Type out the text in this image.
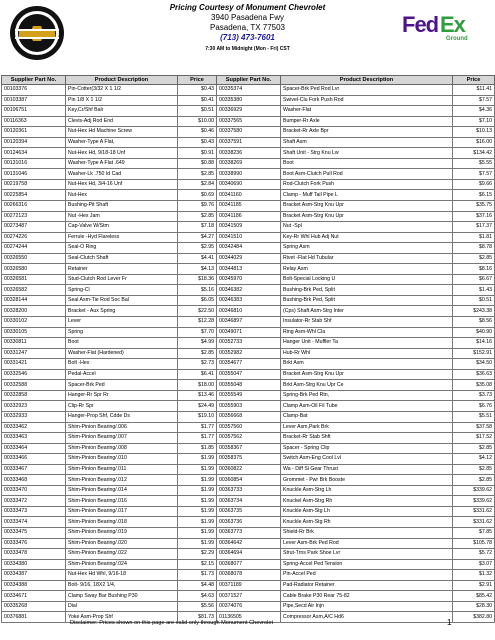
Pricing Courtesy of Monument Chevrolet
3940 Pasadena Fwy
Pasadena, TX 77503
(713) 473-7601
7:30 AM to Midnight (Mon - Fri) CST
Fed Ex
Ground
Supplier Part No.	Product Description	Price	Supplier Part No.	Product Description	Price
00103376	Pin-Cotter(3/32 X 1 1/2	$0.43	00335374	Spacer-Brk Ped Rod Lvr	$11.41
00103387	Pin 1/8 X 1 1/2	$0.41	00335380	Swivel-Clu Fork Push Rod	$7.57
00106751	Key,Cr/Shf Balr	$0.51	00336929	Washer-Flat	$4.36
00116363	Clevis-Adj Rod End	$10.00	00337565	Bumper-Rr Axle	$7.10
00120361	Nut-Hex Hd Machine Screw	$0.46	00337580	Bracket-Rr Axle Bpr	$10.13
00120394	Washer-Type A Flat,	$0.43	00337591	Shaft Asm	$16.00
00124634	Nut-Hex Hd, 9/18-18 Unf	$0.91	00338236	Shaft Unit - Strg Knu Lw	$134.42
00131016	Washer-Type A Flat .649	$0.88	00338269	Boot	$5.55
00131046	Washer-Lk .750 Id Cad	$2.85	00338990	Boot Asm-Clutch Pull Rod	$7.57
00219758	Nut-Hex Hd, 3/4-16 Unf	$2.84	00340690	Rod-Clutch Fork Push	$9.66
00225854	Nut-Hex	$0.69	00341160	Clamp - Muff Tail Pipe L	$6.15
00266316	Bushing-Pit Shaft	$9.76	00341185	Bracket Asm-Strg Knu Upr	$35.75
00272123	Nut -Hex Jam	$2.85	00341186	Bracket Asm-Strg Knu Upr	$37.16
00273487	Cap-Valve W/Stm	$7.18	00341509	Nut -Spl	$17.37
00274226	Ferrule -Hyd Flareless	$4.27	00341510	Key-Rr Whl Hub Adj Nut	$1.81
00274244	Seal-O Ring	$2.95	00342484	Spring Asm	$8.78
00326550	Seal-Clutch Shaft	$4.41	00344029	Rivet -Flat Hd Tubular	$2.85
00326580	Retainer	$4.13	00344813	Relay Asm	$8.16
00326581	Stud-Clutch Rod Lever Fr	$18.36	00345970	Bolt-Special Locking U	$6.67
00326582	Spring-Cl	$5.16	00346382	Bushing-Brk Ped, Split	$1.43
00328144	Seal Asm-Tie Rod Soc Bal	$6.05	00346383	Bushing-Brk Ped, Split	$0.51
00328200	Bracket - Aux Spring	$22.50	00346810	(Cps) Shaft Asm-Strg Inter	$243.38
00330102	Lever	$12.28	00346897	Insulator-Rr Stab Shf	$8.56
00330105	Spring	$7.70	00349071	Ring Asm-Whl Cla	$40.90
00330811	Boot	$4.99	00352733	Hanger Unit - Muffler Ta	$14.16
00331247	Washer-Flat (Hardened)	$2.85	00352982	Hub-Rr Whl	$152.91
00331421	Bolt -Hex	$2.73	00354677	Brkt Asm	$34.50
00332546	Pedal-Accel	$6.41	00355047	Bracket Asm-Strg Knu Upr	$36.63
00332588	Spacer-Brk Ped	$18.00	00355048	Brkt Asm-Strg Knu Upr Ce	$35.08
00332858	Hanger-Rr Spr Rr	$13.46	00355549	Spring-Brk Ped Rtn,	$3.73
00332923	Clip-Rr Spr	$24.49	00355903	Clamp Asm-Oil Fil Tube	$6.76
00332933	Hanger-Prop Shf, Cdde Ds	$19.10	00356668	Clamp-Bat	$5.51
00333462	Shim-Pinion Bearing/.006	$1.77	00357560	Lever Asm,Park Brk	$37.58
00333463	Shim-Pinion Bearing/.007	$1.77	00357562	Bracket-Rr Stab Shft	$17.52
00333464	Shim-Pinion Bearing/.008	$1.85	00358367	Spacer - Spring Clip	$2.85
00333466	Shim-Pinion Bearing/.010	$1.99	00358375	Switch Asm-Eng Cool Lvl	$4.12
00333467	Shim-Pinion Bearing/.011	$1.99	00360822	Wa - Diff Si Gear Thrust	$2.85
00333468	Shim-Pinion Bearing/.012	$1.99	00360854	Grommet - Pwr Brk Booste	$2.85
00333470	Shim-Pinion Bearing/.014	$1.99	00363733	Knuckle Asm-Strg Lh	$339.62
00333472	Shim-Pinion Bearing/.016	$1.99	00363734	Knuckel Asm-Strg Rh	$339.62
00333473	Shim-Pinion Bearing/.017	$1.99	00363735	Knuckle Asm-Stg Lh	$331.62
00333474	Shim-Pinion Bearing/.018	$1.99	00363736	Knuckle Asm-Stg Rh	$331.62
00333475	Shim-Pinion Bearing/.019	$1.99	00363773	Shield-Rr Brk	$7.85
00333476	Shim-Pinion Bearing/.020	$1.99	00364642	Lever Asm-Brk Ped Rod	$105.78
00333478	Shim-Pinion Bearing/.022	$2.29	00364694	Strut-Trns Park Shoe Lvr	$5.72
00334380	Shim-Pinion Bearing/.024	$2.15	00368077	Spring-Accel Ped Tension	$3.07
00334387	Nut-Hex Hd Whl, 9/16-18	$1.73	00368078	Pin-Accel Ped	$1.32
00334388	Bolt- 9/16, 18X2 1/4,	$4.48	00371189	Pad-Radiator Retainer	$2.91
00334671	Clamp Sway Bar Bushing P30	$4.63	00371527	Cable Brake P30 Rear 75-82	$85.42
00335268	Dial	$5.56	00374076	Pipe,Secd Air Injn	$28.30
00376881	Yoke Asm-Prop Shf	$81.73	01136505	Compressor Asm,A/C Hd6	$382.80
Disclaimer: Prices shown on this page are valid only through Monument Chevrolet	1
